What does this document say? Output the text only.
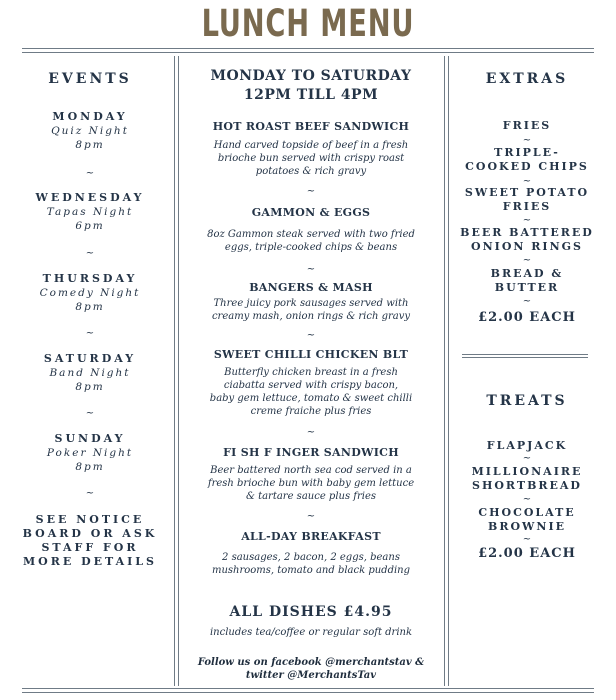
LUNCH MENU
EVENTS
MONDAY
Quiz Night
8pm
~
WEDNESDAY
Tapas Night
6pm
~
THURSDAY
Comedy Night
8pm
~
SATURDAY
Band Night
8pm
~
SUNDAY
Poker Night
8pm
~
SEE NOTICE
BOARD OR ASK
STAFF FOR
MORE DETAILS
MONDAY TO SATURDAY
12PM TILL 4PM
HOT ROAST BEEF SANDWICH
Hand carved topside of beef in a fresh
brioche bun served with crispy roast
potatoes & rich gravy
~
GAMMON & EGGS
8oz Gammon steak served with two fried
eggs, triple-cooked chips & beans
~
BANGERS & MASH
Three juicy pork sausages served with
creamy mash, onion rings & rich gravy
~
SWEET CHILLI CHICKEN BLT
Butterfly chicken breast in a fresh
ciabatta served with crispy bacon,
baby gem lettuce, tomato & sweet chilli
creme fraiche plus fries
~
FI SH F INGER SANDWICH
Beer battered north sea cod served in a
fresh brioche bun with baby gem lettuce
& tartare sauce plus fries
~
ALL-DAY BREAKFAST
2 sausages, 2 bacon, 2 eggs, beans
mushrooms, tomato and black pudding
ALL DISHES £4.95
includes tea/coffee or regular soft drink
Follow us on facebook @merchantstav &
twitter @MerchantsTav
EXTRAS
FRIES
~
TRIPLE-
COOKED CHIPS
~
SWEET POTATO
FRIES
~
BEER BATTERED
ONION RINGS
~
BREAD &
BUTTER
~
£2.00 EACH
TREATS
FLAPJACK
~
MILLIONAIRE
SHORTBREAD
~
CHOCOLATE
BROWNIE
~
£2.00 EACH
